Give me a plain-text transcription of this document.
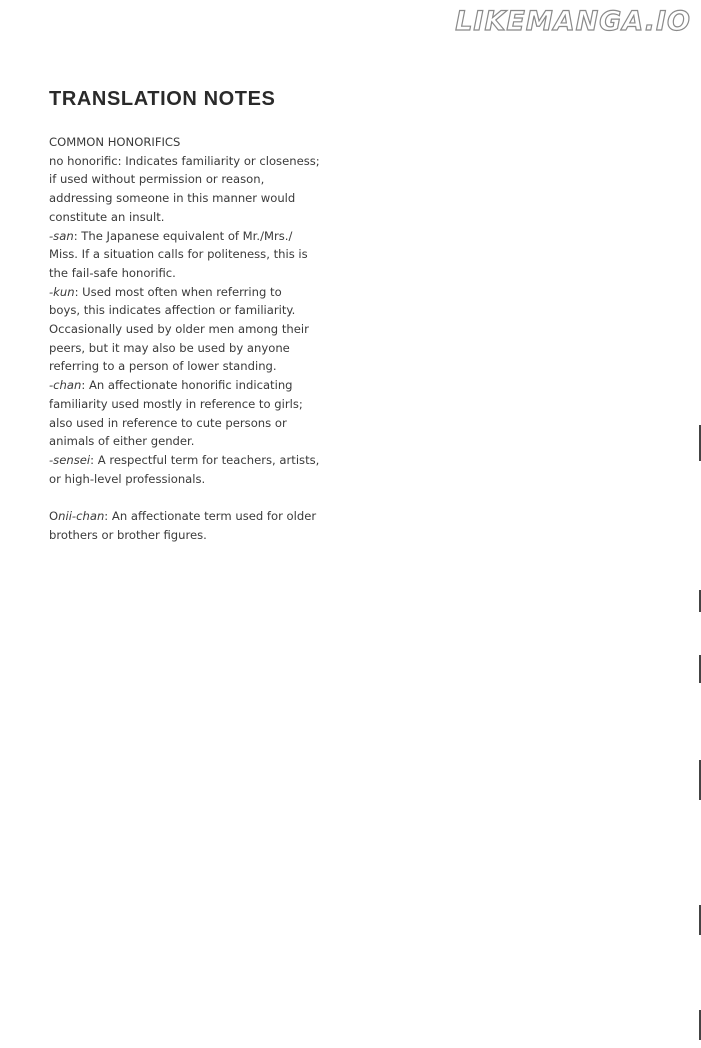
LIKEMANGA.IO
TRANSLATION NOTES

COMMON HONORIFICS

no honorific: Indicates familiarity or closeness;
if used without permission or reason,
addressing someone in this manner would
constitute an insult.

-san: The Japanese equivalent of Mr./Mrs./
Miss. If a situation calls for politeness, this is
the fail-safe honorific.

-kun: Used most often when referring to
boys, this indicates affection or familiarity.
Occasionally used by older men among their
peers, but it may also be used by anyone
referring to a person of lower standing.

-chan: An affectionate honorific indicating
familiarity used mostly in reference to girls;
also used in reference to cute persons or
animals of either gender.

-sensei: A respectful term for teachers, artists,
or high-level professionals.

Onii-chan: An affectionate term used for older
brothers or brother figures.
